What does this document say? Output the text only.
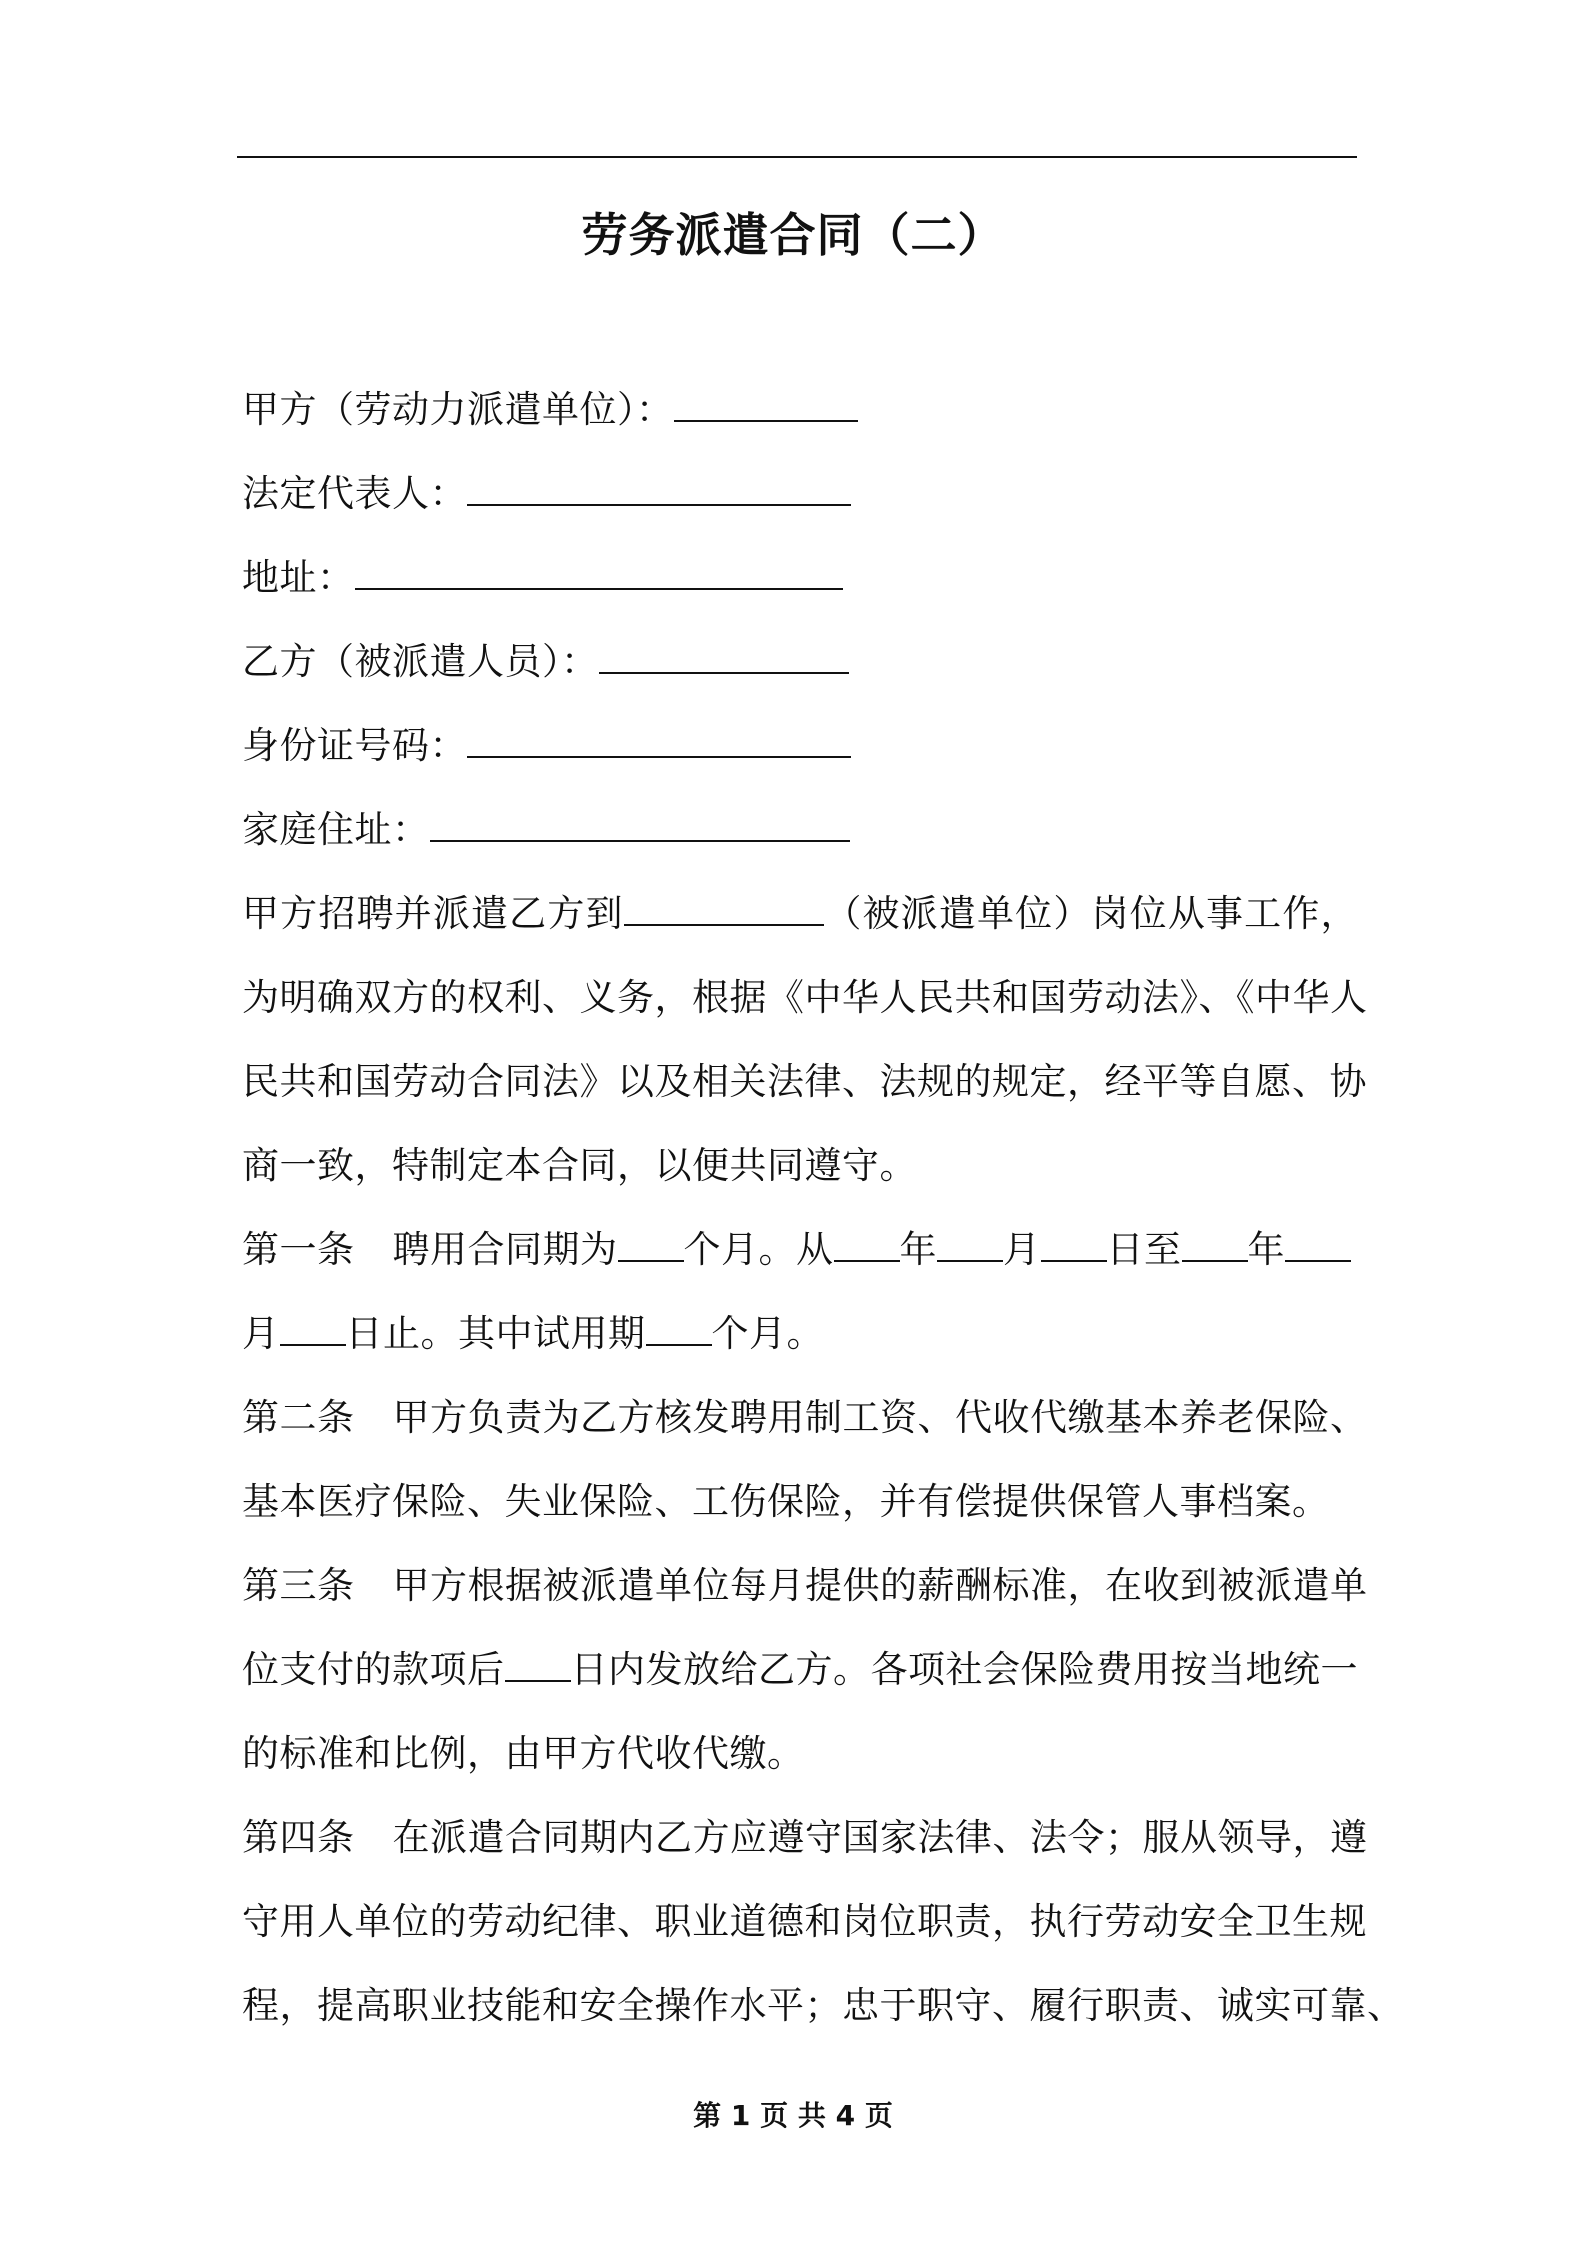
劳务派遣合同（二）
甲方（劳动力派遣单位）：
法定代表人：
地址：
乙方（被派遣人员）：
身份证号码：
家庭住址：
甲方招聘并派遣乙方到	（被派遣单位）岗位从事工作，
为明确双方的权利、义务，根据《中华人民共和国劳动法》、《中华人
民共和国劳动合同法》以及相关法律、法规的规定，经平等自愿、协
商一致，特制定本合同，以便共同遵守。
第一条 聘用合同期为 个月。从 年 月 日至 年
月 日止。其中试用期 个月。
第二条 甲方负责为乙方核发聘用制工资、代收代缴基本养老保险、
基本医疗保险、失业保险、工伤保险，并有偿提供保管人事档案。
第三条 甲方根据被派遣单位每月提供的薪酬标准，在收到被派遣单
位支付的款项后 日内发放给乙方。各项社会保险费用按当地统一
的标准和比例，由甲方代收代缴。
第四条 在派遣合同期内乙方应遵守国家法律、法令；服从领导，遵
守用人单位的劳动纪律、职业道德和岗位职责，执行劳动安全卫生规
程，提高职业技能和安全操作水平；忠于职守、履行职责、诚实可靠、
第 1 页 共 4 页
